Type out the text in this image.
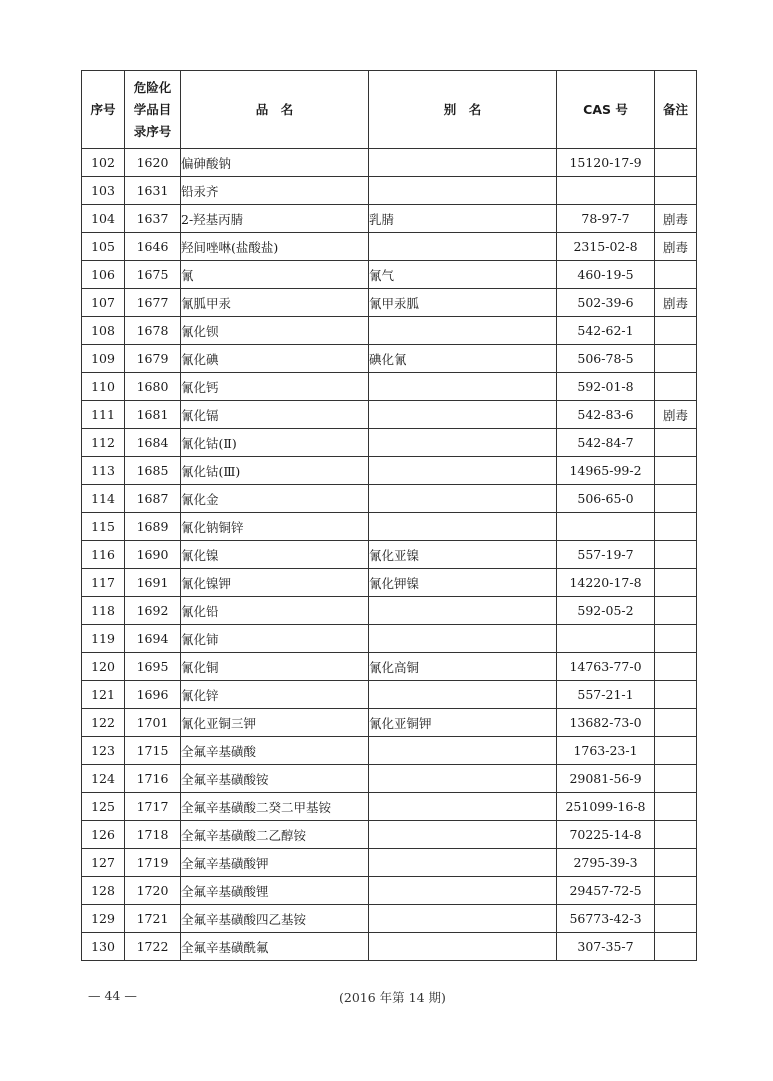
序号	危险化
学品目
录序号	品　名	别　名	CAS 号	备注
102	1620	偏砷酸钠		15120-17-9	
103	1631	铅汞齐			
104	1637	2-羟基丙腈	乳腈	78-97-7	剧毒
105	1646	羟间唑啉(盐酸盐)		2315-02-8	剧毒
106	1675	氰	氰气	460-19-5	
107	1677	氰胍甲汞	氰甲汞胍	502-39-6	剧毒
108	1678	氰化钡		542-62-1	
109	1679	氰化碘	碘化氰	506-78-5	
110	1680	氰化钙		592-01-8	
111	1681	氰化镉		542-83-6	剧毒
112	1684	氰化钴(Ⅱ)		542-84-7	
113	1685	氰化钴(Ⅲ)		14965-99-2	
114	1687	氰化金		506-65-0	
115	1689	氰化钠铜锌			
116	1690	氰化镍	氰化亚镍	557-19-7	
117	1691	氰化镍钾	氰化钾镍	14220-17-8	
118	1692	氰化铅		592-05-2	
119	1694	氰化铈			
120	1695	氰化铜	氰化高铜	14763-77-0	
121	1696	氰化锌		557-21-1	
122	1701	氰化亚铜三钾	氰化亚铜钾	13682-73-0	
123	1715	全氟辛基磺酸		1763-23-1	
124	1716	全氟辛基磺酸铵		29081-56-9	
125	1717	全氟辛基磺酸二癸二甲基铵		251099-16-8	
126	1718	全氟辛基磺酸二乙醇铵		70225-14-8	
127	1719	全氟辛基磺酸钾		2795-39-3	
128	1720	全氟辛基磺酸锂		29457-72-5	
129	1721	全氟辛基磺酸四乙基铵		56773-42-3	
130	1722	全氟辛基磺酰氟		307-35-7	
— 44 —	(2016 年第 14 期)
